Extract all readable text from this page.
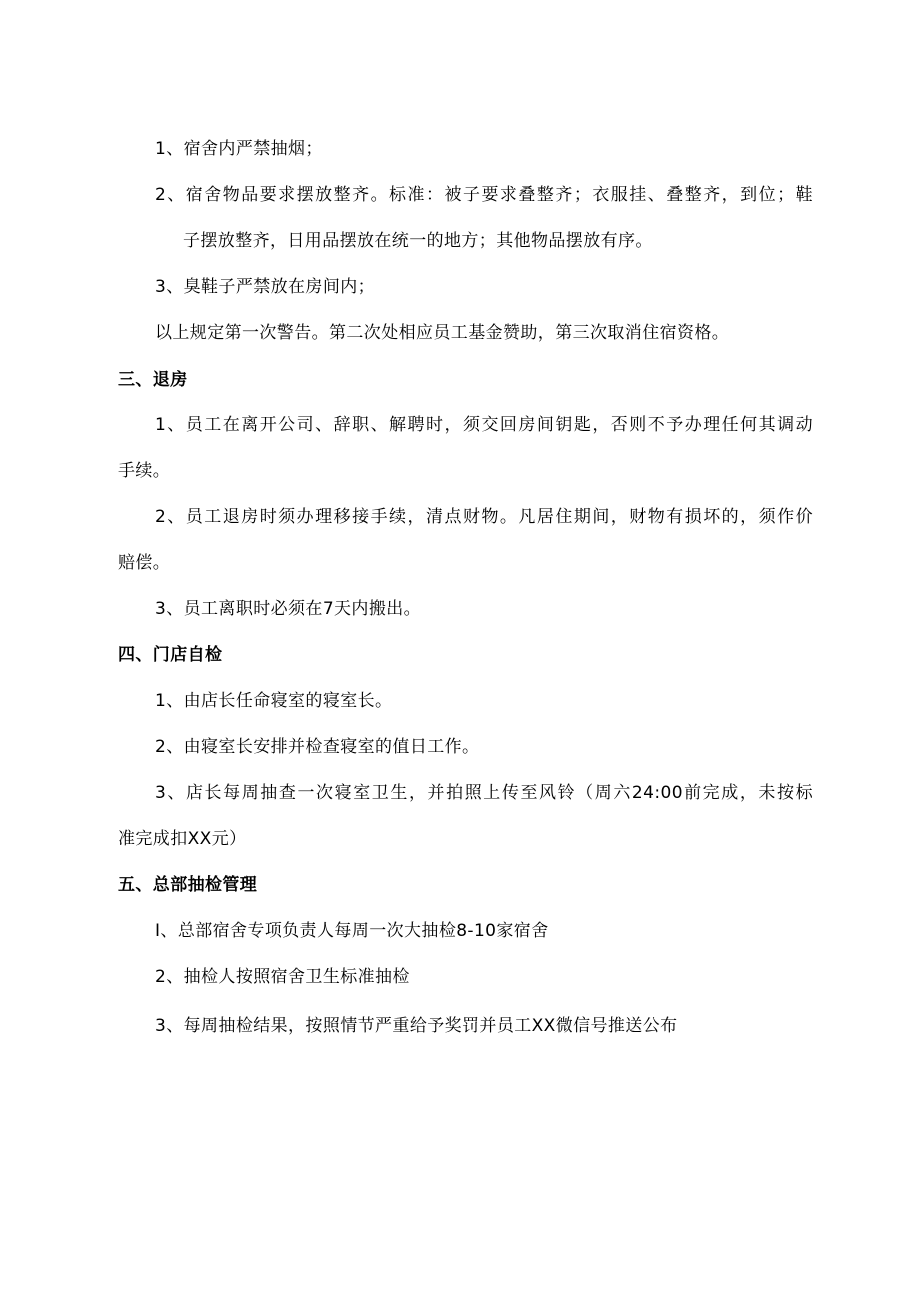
1、宿舍内严禁抽烟；
2、宿舍物品要求摆放整齐。标准：被子要求叠整齐；衣服挂、叠整齐，到位；鞋
子摆放整齐，日用品摆放在统一的地方；其他物品摆放有序。
3、臭鞋子严禁放在房间内；
以上规定第一次警告。第二次处相应员工基金赞助，第三次取消住宿资格。
三、退房
1、员工在离开公司、辞职、解聘时，须交回房间钥匙，否则不予办理任何其调动
手续。
2、员工退房时须办理移接手续，清点财物。凡居住期间，财物有损坏的，须作价
赔偿。
3、员工离职时必须在7天内搬出。
四、门店自检
1、由店长任命寝室的寝室长。
2、由寝室长安排并检查寝室的值日工作。
3、店长每周抽查一次寝室卫生，并拍照上传至风铃（周六24:00前完成，未按标
准完成扣XX元）
五、总部抽检管理
I、总部宿舍专项负责人每周一次大抽检8-10家宿舍
2、抽检人按照宿舍卫生标准抽检
3、每周抽检结果，按照情节严重给予奖罚并员工XX微信号推送公布
